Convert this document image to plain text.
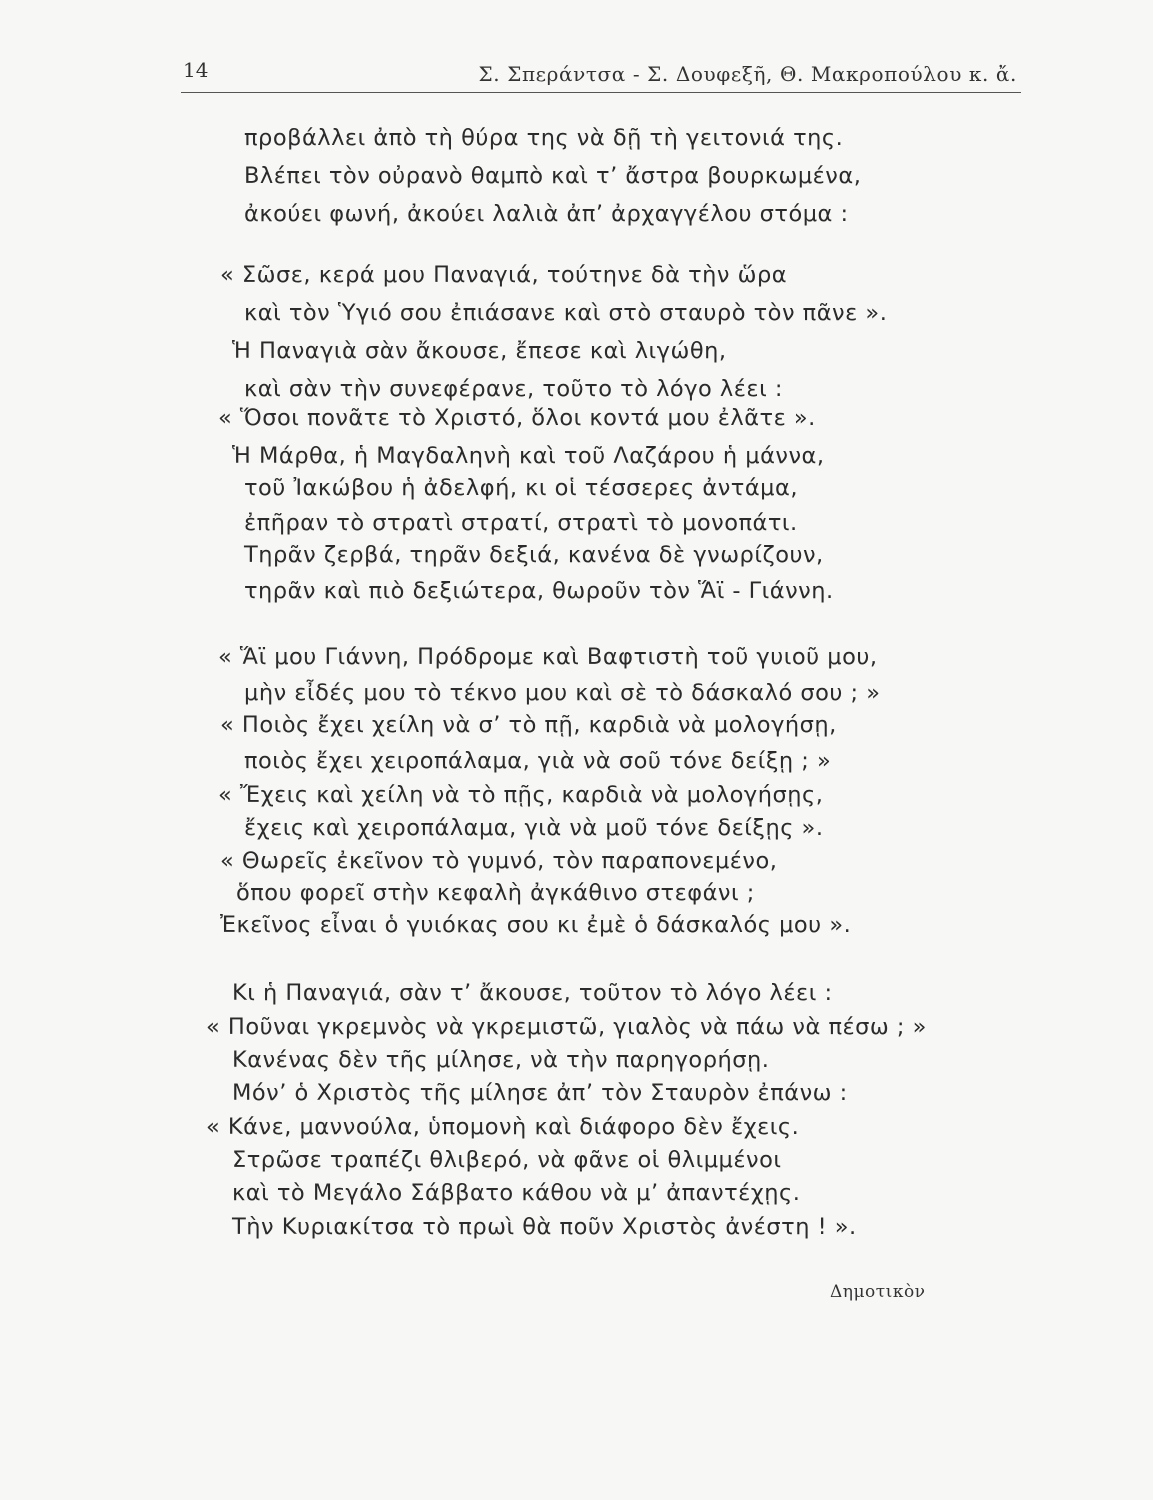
14	Σ. Σπεράντσα - Σ. Δουφεξῆ, Θ. Μακροπούλου κ. ἄ.
προβάλλει ἀπὸ τὴ θύρα της νὰ δῇ τὴ γειτονιά της.
Βλέπει τὸν οὐρανὸ θαμπὸ καὶ τ’ ἄστρα βουρκωμένα,
ἀκούει φωνή, ἀκούει λαλιὰ ἀπ’ ἀρχαγγέλου στόμα :
« Σῶσε, κερά μου Παναγιά, τούτηνε δὰ τὴν ὥρα
καὶ τὸν Ὑγιό σου ἐπιάσανε καὶ στὸ σταυρὸ τὸν πᾶνε ».
Ἡ Παναγιὰ σὰν ἄκουσε, ἔπεσε καὶ λιγώθη,
καὶ σὰν τὴν συνεφέρανε, τοῦτο τὸ λόγο λέει :
« Ὅσοι πονᾶτε τὸ Χριστό, ὅλοι κοντά μου ἐλᾶτε ».
Ἡ Μάρθα, ἡ Μαγδαληνὴ καὶ τοῦ Λαζάρου ἡ μάννα,
τοῦ Ἰακώβου ἡ ἀδελφή, κι οἱ τέσσερες ἀντάμα,
ἐπῆραν τὸ στρατὶ στρατί, στρατὶ τὸ μονοπάτι.
Τηρᾶν ζερβά, τηρᾶν δεξιά, κανένα δὲ γνωρίζουν,
τηρᾶν καὶ πιὸ δεξιώτερα, θωροῦν τὸν Ἅϊ - Γιάννη.
« Ἅϊ μου Γιάννη, Πρόδρομε καὶ Βαφτιστὴ τοῦ γυιοῦ μου,
μὴν εἶδές μου τὸ τέκνο μου καὶ σὲ τὸ δάσκαλό σου ; »
« Ποιὸς ἔχει χείλη νὰ σ’ τὸ πῇ, καρδιὰ νὰ μολογήσῃ,
ποιὸς ἔχει χειροπάλαμα, γιὰ νὰ σοῦ τόνε δείξῃ ; »
« Ἔχεις καὶ χείλη νὰ τὸ πῇς, καρδιὰ νὰ μολογήσῃς,
ἔχεις καὶ χειροπάλαμα, γιὰ νὰ μοῦ τόνε δείξῃς ».
« Θωρεῖς ἐκεῖνον τὸ γυμνό, τὸν παραπονεμένο,
ὅπου φορεῖ στὴν κεφαλὴ ἀγκάθινο στεφάνι ;
Ἐκεῖνος εἶναι ὁ γυιόκας σου κι ἐμὲ ὁ δάσκαλός μου ».
Κι ἡ Παναγιά, σὰν τ’ ἄκουσε, τοῦτον τὸ λόγο λέει :
« Ποῦναι γκρεμνὸς νὰ γκρεμιστῶ, γιαλὸς νὰ πάω νὰ πέσω ; »
Κανένας δὲν τῆς μίλησε, νὰ τὴν παρηγορήσῃ.
Μόν’ ὁ Χριστὸς τῆς μίλησε ἀπ’ τὸν Σταυρὸν ἐπάνω :
« Κάνε, μαννούλα, ὑπομονὴ καὶ διάφορο δὲν ἔχεις.
Στρῶσε τραπέζι θλιβερό, νὰ φᾶνε οἱ θλιμμένοι
καὶ τὸ Μεγάλο Σάββατο κάθου νὰ μ’ ἀπαντέχῃς.
Τὴν Κυριακίτσα τὸ πρωὶ θὰ ποῦν Χριστὸς ἀνέστη ! ».
Δημοτικὸν
